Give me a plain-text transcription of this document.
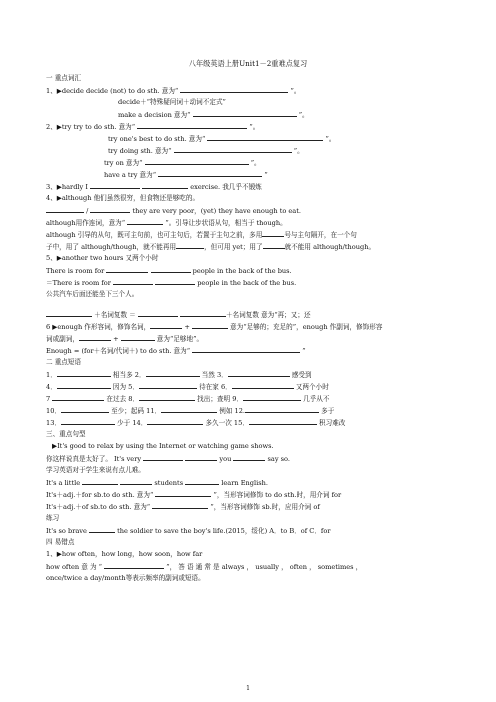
八年级英语上册Unit1－2重难点复习
一 重点词汇
1、▶decide decide (not) to do sth. 意为“	”。
decide＋“特殊疑问词＋动词不定式”
make a decision 意为“	”。
2、▶try try to do sth. 意为“	”。
try one's best to do sth. 意为“	”。
try doing sth. 意为“	”。
try on 意为“	”。
have a try 意为“	”
3、▶hardly I	exercise. 我几乎不锻炼
4、▶although 他们虽然很穷，但食物还是够吃的。
/	they are very poor，(yet) they have enough to eat.
although用作连词，意为“	”。引导让步状语从句，相当于 though。
although 引导的从句，既可主句前，也可主句后，若置于主句之前，多用	号与主句隔开，在一个句
子中，用了 although/though，就不能再用	，但可用 yet；用了	就不能用 although/though。
5、▶another two hours 又两个小时
There is room for	people in the back of the bus.
＝There is room for	people in the back of the bus.
公共汽车后面还能坐下三个人。
＋名词复数 ＝	＋名词复数 意为“再；又；还
6 ▶enough 作形容词，修饰名词，	+	意为“足够的；充足的”，enough 作副词，修饰形容
词或副词，	+	意为“足够地”。
Enough = (for＋名词/代词＋) to do sth. 意为“	”
二 重点短语
1．	相当多 2．	当然 3．	感受到
4．	因为 5．	待在家 6．	又两个小时
7	在过去 8．	找出；查明 9．	几乎从不
10．	至少；起码 11．	例如 12.	多于
13．	少于 14．	多久一次 15．	积习难改
三、重点句型
▶It's good to relax by using the Internet or watching game shows.
你这样说真是太好了。 It's very	you	say so.
学习英语对于学生来说有点儿难。
It's a little	students	learn English.
It's＋adj.＋for sb.to do sth. 意为“	”，当形容词修饰 to do sth.时，用介词 for
It's＋adj.＋of sb.to do sth. 意为“	”，当形容词修饰 sb.时，应用介词 of
练习
It's so brave	the soldier to save the boy's life.(2015，绥化) A．to B．of C．for
四 易错点
1、▶how often，how long，how soon，how far
how often 意 为 “	”， 答 语 通 常 是 always ， usually ， often ， sometimes ，
once/twice a day/month等表示频率的副词或短语。
1
